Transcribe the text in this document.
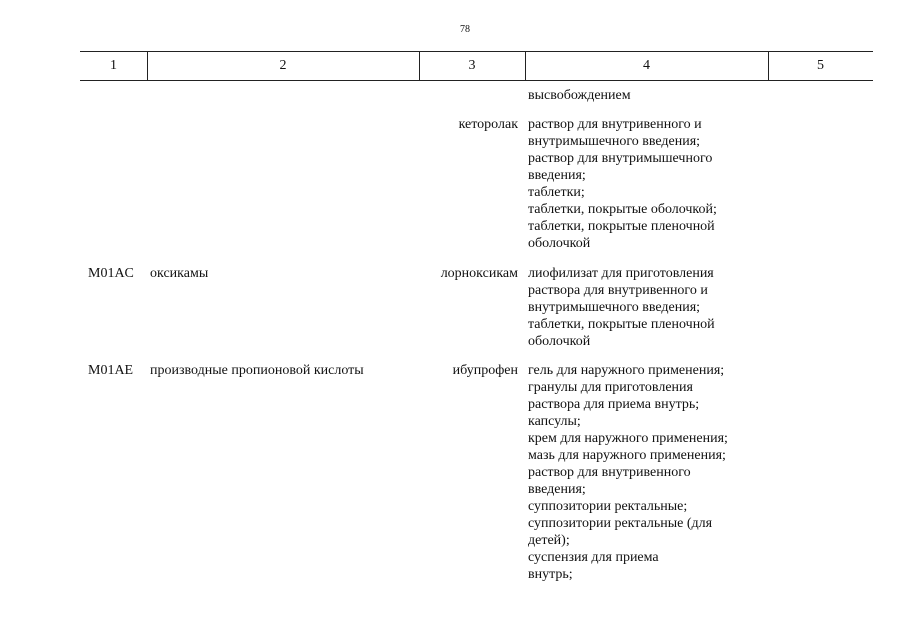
78
1	2	3	4	5
высвобождением
кеторолак раствор для внутривенного и
внутримышечного введения;
раствор для внутримышечного
введения;
таблетки;
таблетки, покрытые оболочкой;
таблетки, покрытые пленочной
оболочкой
M01AC оксикамы	лорноксикам лиофилизат для приготовления
раствора для внутривенного и
внутримышечного введения;
таблетки, покрытые пленочной
оболочкой
M01AE производные пропионовой кислоты	ибупрофен гель для наружного применения;
гранулы для приготовления
раствора для приема внутрь;
капсулы;
крем для наружного применения;
мазь для наружного применения;
раствор для внутривенного
введения;
суппозитории ректальные;
суппозитории ректальные (для
детей);
суспензия для приема
внутрь;
